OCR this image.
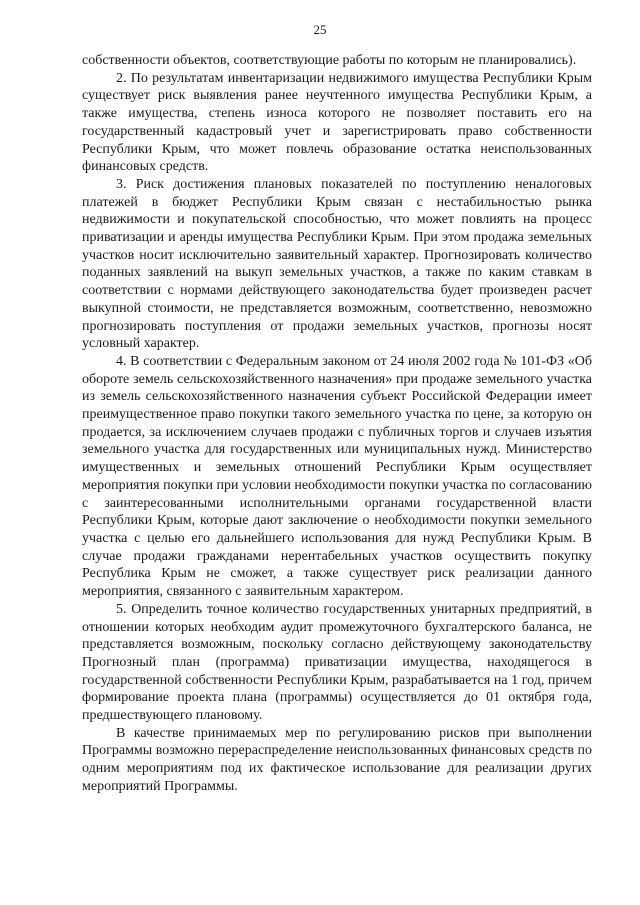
25

собственности объектов, соответствующие работы по которым не планировались).

2. По результатам инвентаризации недвижимого имущества Республики Крым существует риск выявления ранее неучтенного имущества Республики Крым, а также имущества, степень износа которого не позволяет поставить его на государственный кадастровый учет и зарегистрировать право собственности Республики Крым, что может повлечь образование остатка неиспользованных финансовых средств.

3. Риск достижения плановых показателей по поступлению неналоговых платежей в бюджет Республики Крым связан с нестабильностью рынка недвижимости и покупательской способностью, что может повлиять на процесс приватизации и аренды имущества Республики Крым. При этом продажа земельных участков носит исключительно заявительный характер. Прогнозировать количество поданных заявлений на выкуп земельных участков, а также по каким ставкам в соответствии с нормами действующего законодательства будет произведен расчет выкупной стоимости, не представляется возможным, соответственно, невозможно прогнозировать поступления от продажи земельных участков, прогнозы носят условный характер.

4. В соответствии с Федеральным законом от 24 июля 2002 года № 101-ФЗ «Об обороте земель сельскохозяйственного назначения» при продаже земельного участка из земель сельскохозяйственного назначения субъект Российской Федерации имеет преимущественное право покупки такого земельного участка по цене, за которую он продается, за исключением случаев продажи с публичных торгов и случаев изъятия земельного участка для государственных или муниципальных нужд. Министерство имущественных и земельных отношений Республики Крым осуществляет мероприятия покупки при условии необходимости покупки участка по согласованию с заинтересованными исполнительными органами государственной власти Республики Крым, которые дают заключение о необходимости покупки земельного участка с целью его дальнейшего использования для нужд Республики Крым. В случае продажи гражданами нерентабельных участков осуществить покупку Республика Крым не сможет, а также существует риск реализации данного мероприятия, связанного с заявительным характером.

5. Определить точное количество государственных унитарных предприятий, в отношении которых необходим аудит промежуточного бухгалтерского баланса, не представляется возможным, поскольку согласно действующему законодательству Прогнозный план (программа) приватизации имущества, находящегося в государственной собственности Республики Крым, разрабатывается на 1 год, причем формирование проекта плана (программы) осуществляется до 01 октября года, предшествующего плановому.

В качестве принимаемых мер по регулированию рисков при выполнении Программы возможно перераспределение неиспользованных финансовых средств по одним мероприятиям под их фактическое использование для реализации других мероприятий Программы.
